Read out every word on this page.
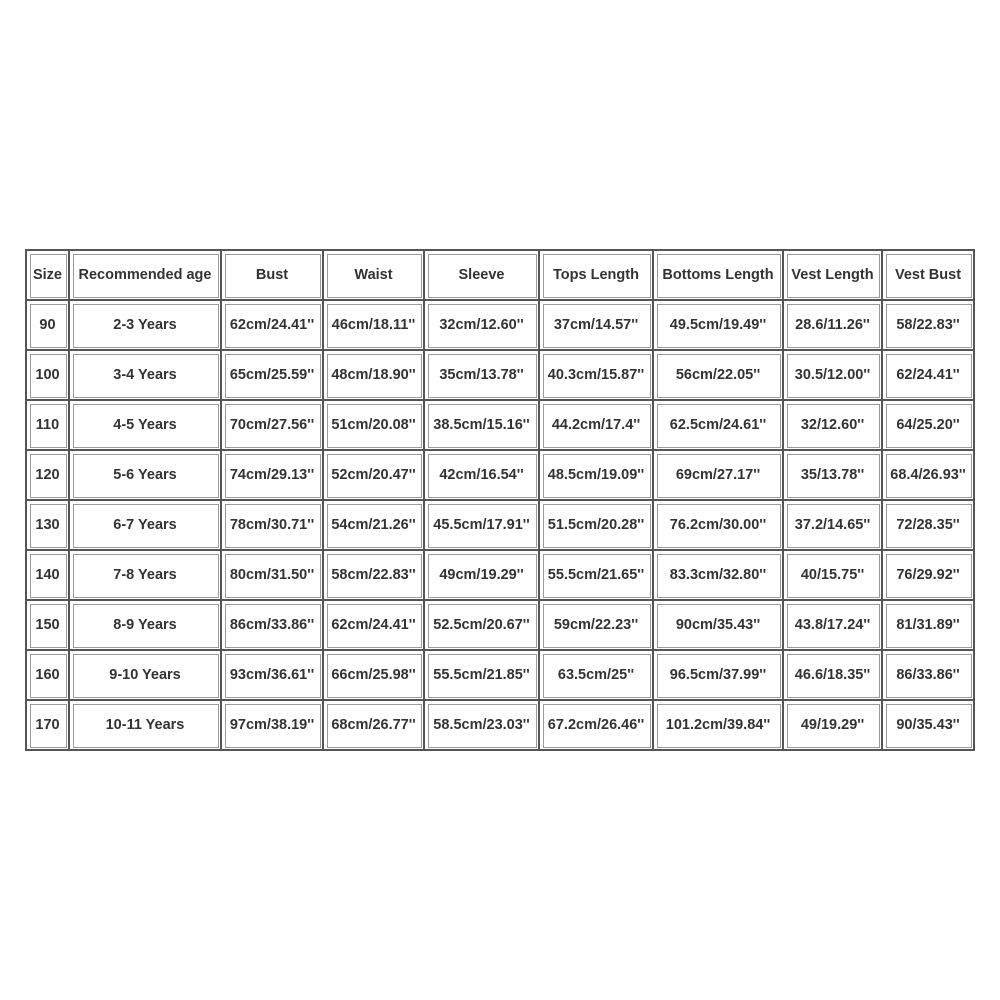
Size	Recommended age	Bust	Waist	Sleeve	Tops Length	Bottoms Length	Vest Length	Vest Bust
90	2-3 Years	62cm/24.41''	46cm/18.11''	32cm/12.60''	37cm/14.57''	49.5cm/19.49''	28.6/11.26''	58/22.83''
100	3-4 Years	65cm/25.59''	48cm/18.90''	35cm/13.78''	40.3cm/15.87''	56cm/22.05''	30.5/12.00''	62/24.41''
110	4-5 Years	70cm/27.56''	51cm/20.08''	38.5cm/15.16''	44.2cm/17.4''	62.5cm/24.61''	32/12.60''	64/25.20''
120	5-6 Years	74cm/29.13''	52cm/20.47''	42cm/16.54''	48.5cm/19.09''	69cm/27.17''	35/13.78''	68.4/26.93''
130	6-7 Years	78cm/30.71''	54cm/21.26''	45.5cm/17.91''	51.5cm/20.28''	76.2cm/30.00''	37.2/14.65''	72/28.35''
140	7-8 Years	80cm/31.50''	58cm/22.83''	49cm/19.29''	55.5cm/21.65''	83.3cm/32.80''	40/15.75''	76/29.92''
150	8-9 Years	86cm/33.86''	62cm/24.41''	52.5cm/20.67''	59cm/22.23''	90cm/35.43''	43.8/17.24''	81/31.89''
160	9-10 Years	93cm/36.61''	66cm/25.98''	55.5cm/21.85''	63.5cm/25''	96.5cm/37.99''	46.6/18.35''	86/33.86''
170	10-11 Years	97cm/38.19''	68cm/26.77''	58.5cm/23.03''	67.2cm/26.46''	101.2cm/39.84''	49/19.29''	90/35.43''
